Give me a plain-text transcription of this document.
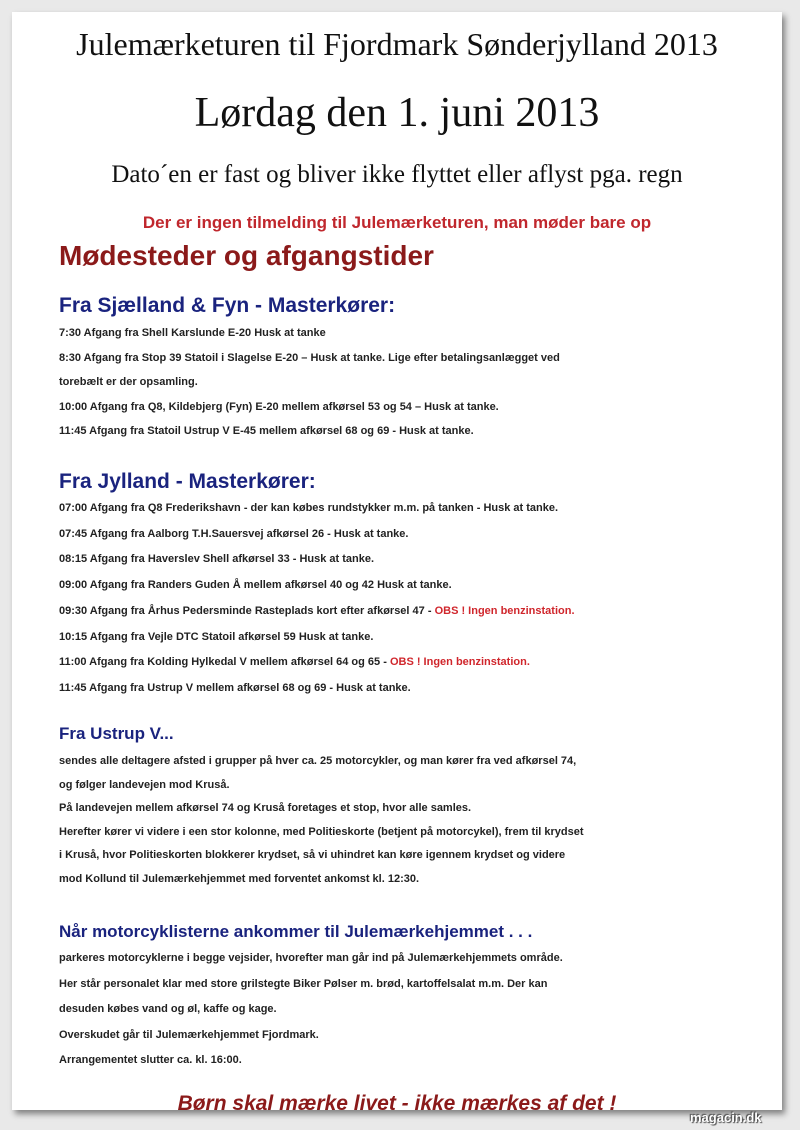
Julemærketuren til Fjordmark Sønderjylland 2013
Lørdag den 1. juni 2013
Dato´en er fast og bliver ikke flyttet eller aflyst pga. regn
Der er ingen tilmelding til Julemærketuren, man møder bare op
Mødesteder og afgangstider
Fra Sjælland & Fyn - Masterkører:
7:30 Afgang fra Shell Karslunde E-20 Husk at tanke
8:30 Afgang fra Stop 39 Statoil i Slagelse E-20 – Husk at tanke. Lige efter betalingsanlægget ved
torebælt er der opsamling.
10:00 Afgang fra Q8, Kildebjerg (Fyn) E-20 mellem afkørsel 53 og 54 – Husk at tanke.
11:45 Afgang fra Statoil Ustrup V E-45 mellem afkørsel 68 og 69 - Husk at tanke.
Fra Jylland - Masterkører:
07:00 Afgang fra Q8 Frederikshavn - der kan købes rundstykker m.m. på tanken - Husk at tanke.
07:45 Afgang fra Aalborg T.H.Sauersvej afkørsel 26 - Husk at tanke.
08:15 Afgang fra Haverslev Shell afkørsel 33 - Husk at tanke.
09:00 Afgang fra Randers Guden Å mellem afkørsel 40 og 42 Husk at tanke.
09:30 Afgang fra Århus Pedersminde Rasteplads kort efter afkørsel 47 - OBS ! Ingen benzinstation.
10:15 Afgang fra Vejle DTC Statoil afkørsel 59 Husk at tanke.
11:00 Afgang fra Kolding Hylkedal V mellem afkørsel 64 og 65 - OBS ! Ingen benzinstation.
11:45 Afgang fra Ustrup V mellem afkørsel 68 og 69 - Husk at tanke.
Fra Ustrup V...
sendes alle deltagere afsted i grupper på hver ca. 25 motorcykler, og man kører fra ved afkørsel 74,
og følger landevejen mod Kruså.
På landevejen mellem afkørsel 74 og Kruså foretages et stop, hvor alle samles.
Herefter kører vi videre i een stor kolonne, med Politieskorte (betjent på motorcykel), frem til krydset
i Kruså, hvor Politieskorten blokkerer krydset, så vi uhindret kan køre igennem krydset og videre
mod Kollund til Julemærkehjemmet med forventet ankomst kl. 12:30.
Når motorcyklisterne ankommer til Julemærkehjemmet . . .
parkeres motorcyklerne i begge vejsider, hvorefter man går ind på Julemærkehjemmets område.
Her står personalet klar med store grilstegte Biker Pølser m. brød, kartoffelsalat m.m. Der kan
desuden købes vand og øl, kaffe og kage.
Overskudet går til Julemærkehjemmet Fjordmark.
Arrangementet slutter ca. kl. 16:00.
Børn skal mærke livet - ikke mærkes af det !
magacin.dk
